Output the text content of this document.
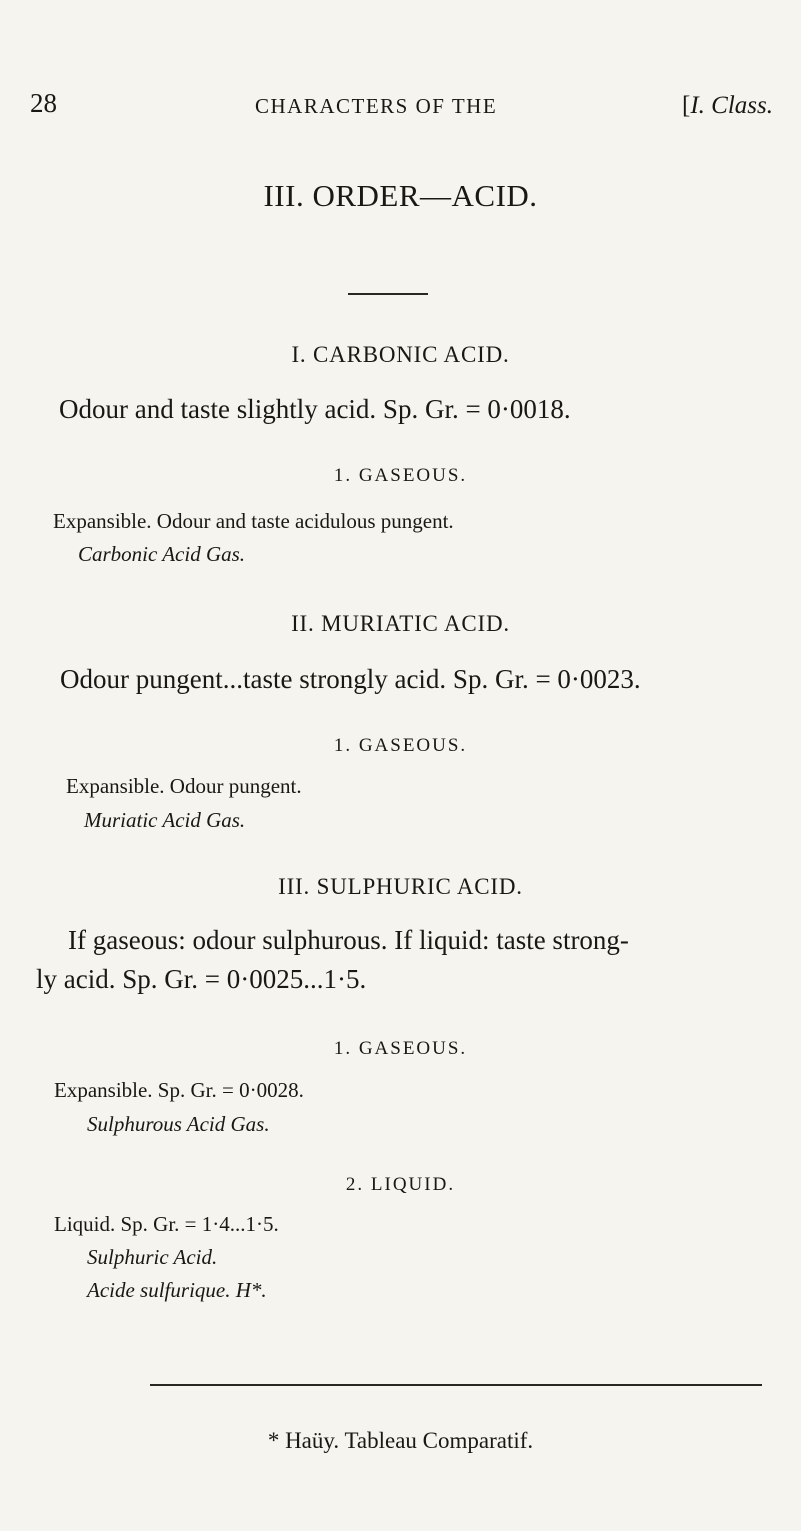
28	CHARACTERS OF THE	[I. Class.
III. ORDER—ACID.
I. CARBONIC ACID.
Odour and taste slightly acid. Sp. Gr. = 0·0018.
1. GASEOUS.
Expansible. Odour and taste acidulous pungent.
Carbonic Acid Gas.
II. MURIATIC ACID.
Odour pungent...taste strongly acid. Sp. Gr. = 0·0023.
1. GASEOUS.
Expansible. Odour pungent.
Muriatic Acid Gas.
III. SULPHURIC ACID.
If gaseous: odour sulphurous. If liquid: taste strong-
ly acid. Sp. Gr. = 0·0025...1·5.
1. GASEOUS.
Expansible. Sp. Gr. = 0·0028.
Sulphurous Acid Gas.
2. LIQUID.
Liquid. Sp. Gr. = 1·4...1·5.
Sulphuric Acid.
Acide sulfurique. H*.
* Haüy. Tableau Comparatif.
